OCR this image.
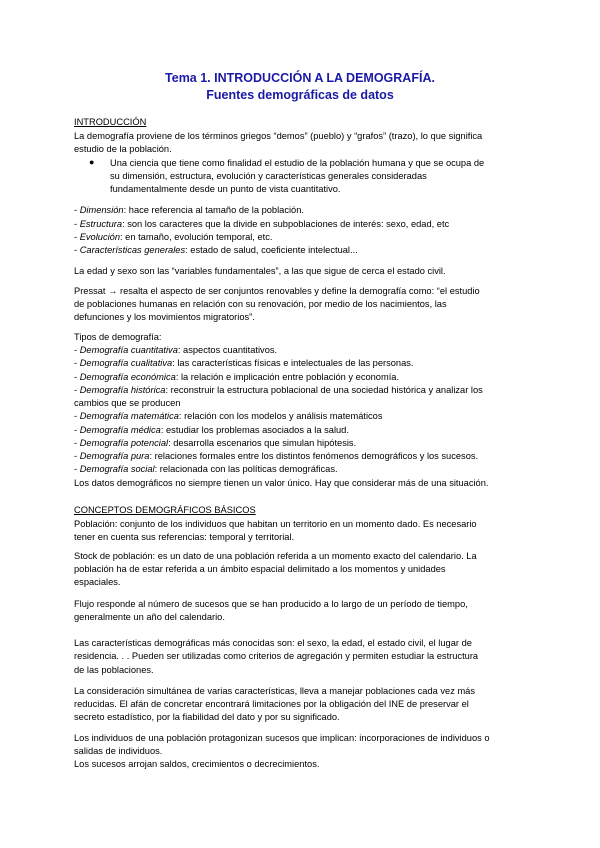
Tema 1. INTRODUCCIÓN A LA DEMOGRAFÍA.
Fuentes demográficas de datos
INTRODUCCIÓN
La demografía proviene de los términos griegos “demos” (pueblo) y “grafos” (trazo), lo que significa
estudio de la población.
● Una ciencia que tiene como finalidad el estudio de la población humana y que se ocupa de
su dimensión, estructura, evolución y características generales consideradas
fundamentalmente desde un punto de vista cuantitativo.
- Dimensión: hace referencia al tamaño de la población.
- Estructura: son los caracteres que la divide en subpoblaciones de interés: sexo, edad, etc
- Evolución: en tamaño, evolución temporal, etc.
- Características generales: estado de salud, coeficiente intelectual...
La edad y sexo son las “variables fundamentales”, a las que sigue de cerca el estado civil.
Pressat → resalta el aspecto de ser conjuntos renovables y define la demografía como: “el estudio
de poblaciones humanas en relación con su renovación, por medio de los nacimientos, las
defunciones y los movimientos migratorios”.
Tipos de demografía:
- Demografía cuantitativa: aspectos cuantitativos.
- Demografía cualitativa: las características físicas e intelectuales de las personas.
- Demografía económica: la relación e implicación entre población y economía.
- Demografía histórica: reconstruir la estructura poblacional de una sociedad histórica y analizar los
cambios que se producen
- Demografía matemática: relación con los modelos y análisis matemáticos
- Demografía médica: estudiar los problemas asociados a la salud.
- Demografía potencial: desarrolla escenarios que simulan hipótesis.
- Demografía pura: relaciones formales entre los distintos fenómenos demográficos y los sucesos.
- Demografía social: relacionada con las políticas demográficas.
Los datos demográficos no siempre tienen un valor único. Hay que considerar más de una situación.
CONCEPTOS DEMOGRÁFICOS BÁSICOS
Población: conjunto de los individuos que habitan un territorio en un momento dado. Es necesario
tener en cuenta sus referencias: temporal y territorial.
Stock de población: es un dato de una población referida a un momento exacto del calendario. La
población ha de estar referida a un ámbito espacial delimitado a los momentos y unidades
espaciales.
Flujo responde al número de sucesos que se han producido a lo largo de un período de tiempo,
generalmente un año del calendario.
Las características demográficas más conocidas son: el sexo, la edad, el estado civil, el lugar de
residencia. . . Pueden ser utilizadas como criterios de agregación y permiten estudiar la estructura
de las poblaciones.
La consideración simultánea de varias características, lleva a manejar poblaciones cada vez más
reducidas. El afán de concretar encontrará limitaciones por la obligación del INE de preservar el
secreto estadístico, por la fiabilidad del dato y por su significado.
Los individuos de una población protagonizan sucesos que implican: incorporaciones de individuos o
salidas de individuos.
Los sucesos arrojan saldos, crecimientos o decrecimientos.
